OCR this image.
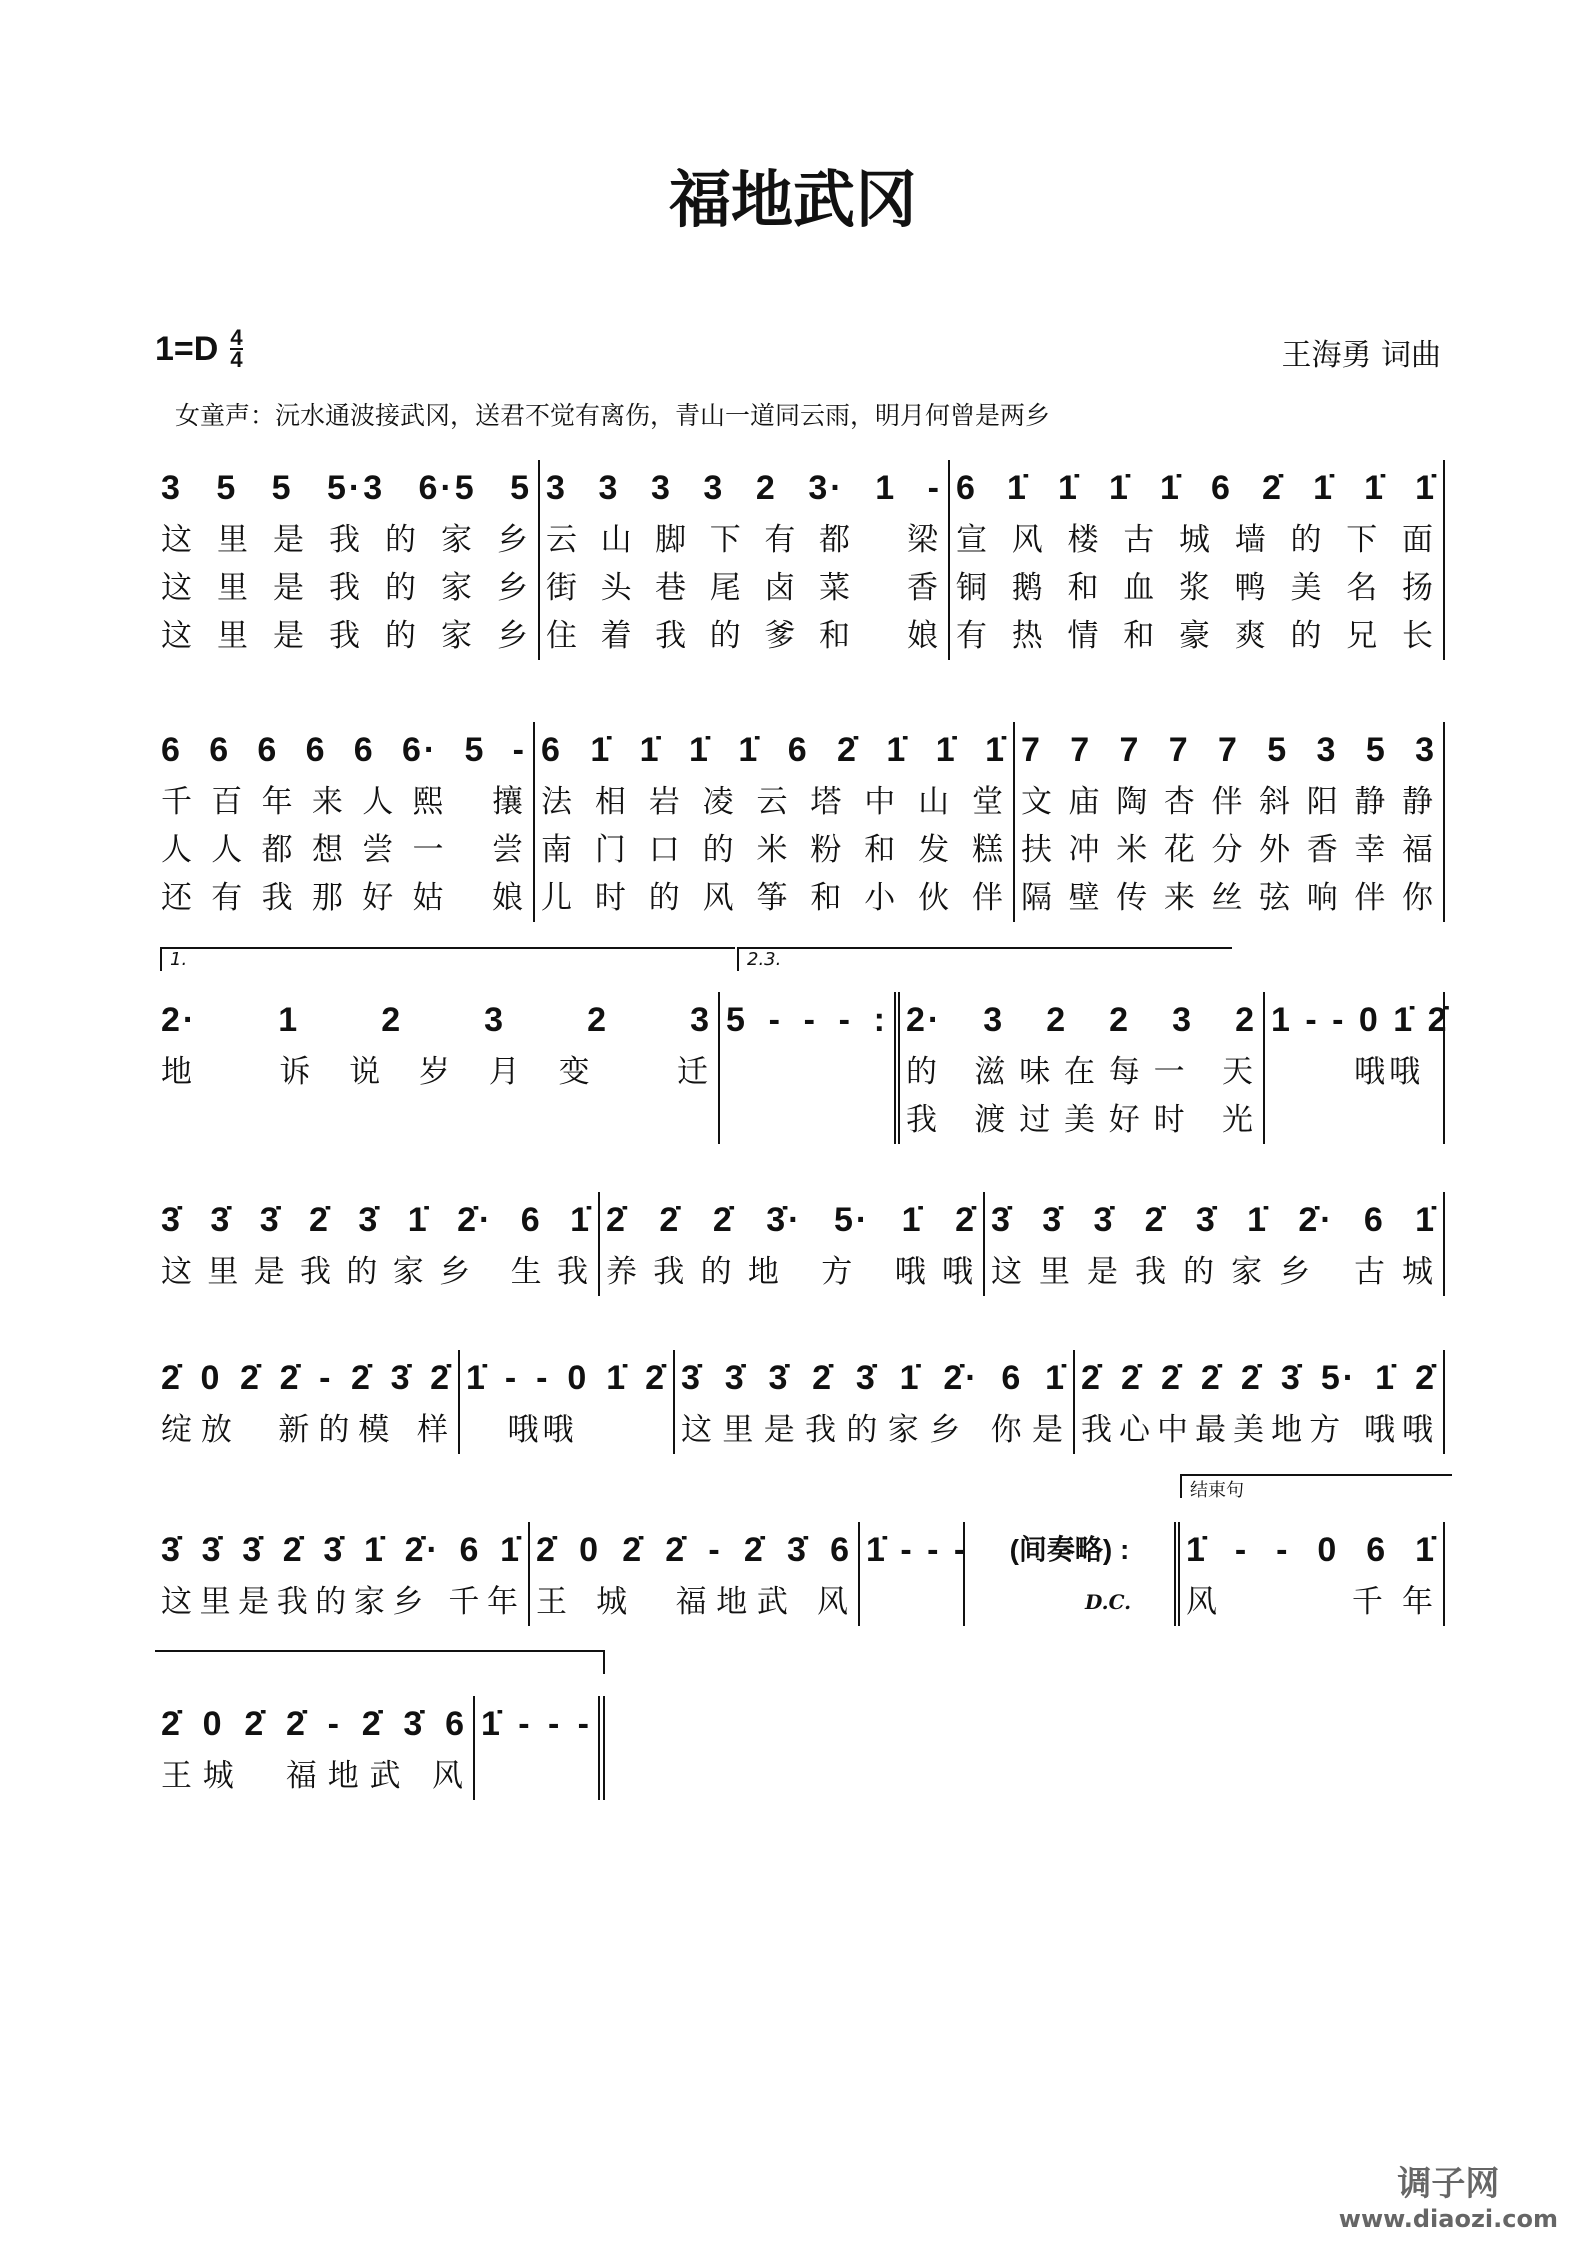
福地武冈
1=D 4
4	王海勇 词曲
女童声：沅水通波接武冈，送君不觉有离伤，青山一道同云雨，明月何曾是两乡
3 5 5 5·3 6·5 5
这里是我的家乡
这里是我的家乡
这里是我的家乡
3 3 3 3 2 3· 1 -
云山脚下有都 梁
街头巷尾卤菜 香
住着我的爹和 娘
6 1̇ 1̇ 1̇ 1̇ 6 2̇ 1̇ 1̇ 1̇
宣风楼古城墙的下面
铜鹅和血浆鸭美名扬
有热情和豪爽的兄长
6 6 6 6 6 6· 5 -
千百年来人熙 攘
人人都想尝一 尝
还有我那好姑 娘
6 1̇ 1̇ 1̇ 1̇ 6 2̇ 1̇ 1̇ 1̇
法相岩凌云塔中山堂
南门口的米粉和发糕
儿时的风筝和小伙伴
7 7 7 7 7 5 3 5 3
文庙陶杏伴斜阳静静
扶冲米花分外香幸福
隔壁传来丝弦响伴你
2· 1 2 3 2 3
地 诉说岁月变 迁
5 - - - : 2· 3 2 2 3 2
的 滋味在每一 天
我 渡过美好时 光
1 - - 0 1̇ 2̇
哦哦
1.	2.3.
3̇ 3̇ 3̇ 2̇ 3̇ 1̇ 2̇· 6 1̇
这里是我的家乡 生我
2̇ 2̇ 2̇ 3̇· 5· 1̇ 2̇
养我的地 方 哦哦
3̇ 3̇ 3̇ 2̇ 3̇ 1̇ 2̇· 6 1̇
这里是我的家乡 古城
2̇ 0 2̇ 2̇ - 2̇ 3̇ 2̇
绽放  新的模 样
1̇ - - 0 1̇ 2̇
哦哦
3̇ 3̇ 3̇ 2̇ 3̇ 1̇ 2̇· 6 1̇
这里是我的家乡 你是
2̇ 2̇ 2̇ 2̇ 2̇ 3̇ 5· 1̇ 2̇
我心中最美地方 哦哦
3̇ 3̇ 3̇ 2̇ 3̇ 1̇ 2̇· 6 1̇
这里是我的家乡 千年
2̇ 0 2̇ 2̇ - 2̇ 3̇ 6
王 城  福地武 风
1̇ - - -	(间奏略) :	1̇ - - 0 6 1̇
风    千年
结束句
D.C.
2̇ 0 2̇ 2̇ - 2̇ 3̇ 6
王城  福地武 风
1̇ - - -
调子网
www.diaozi.com
